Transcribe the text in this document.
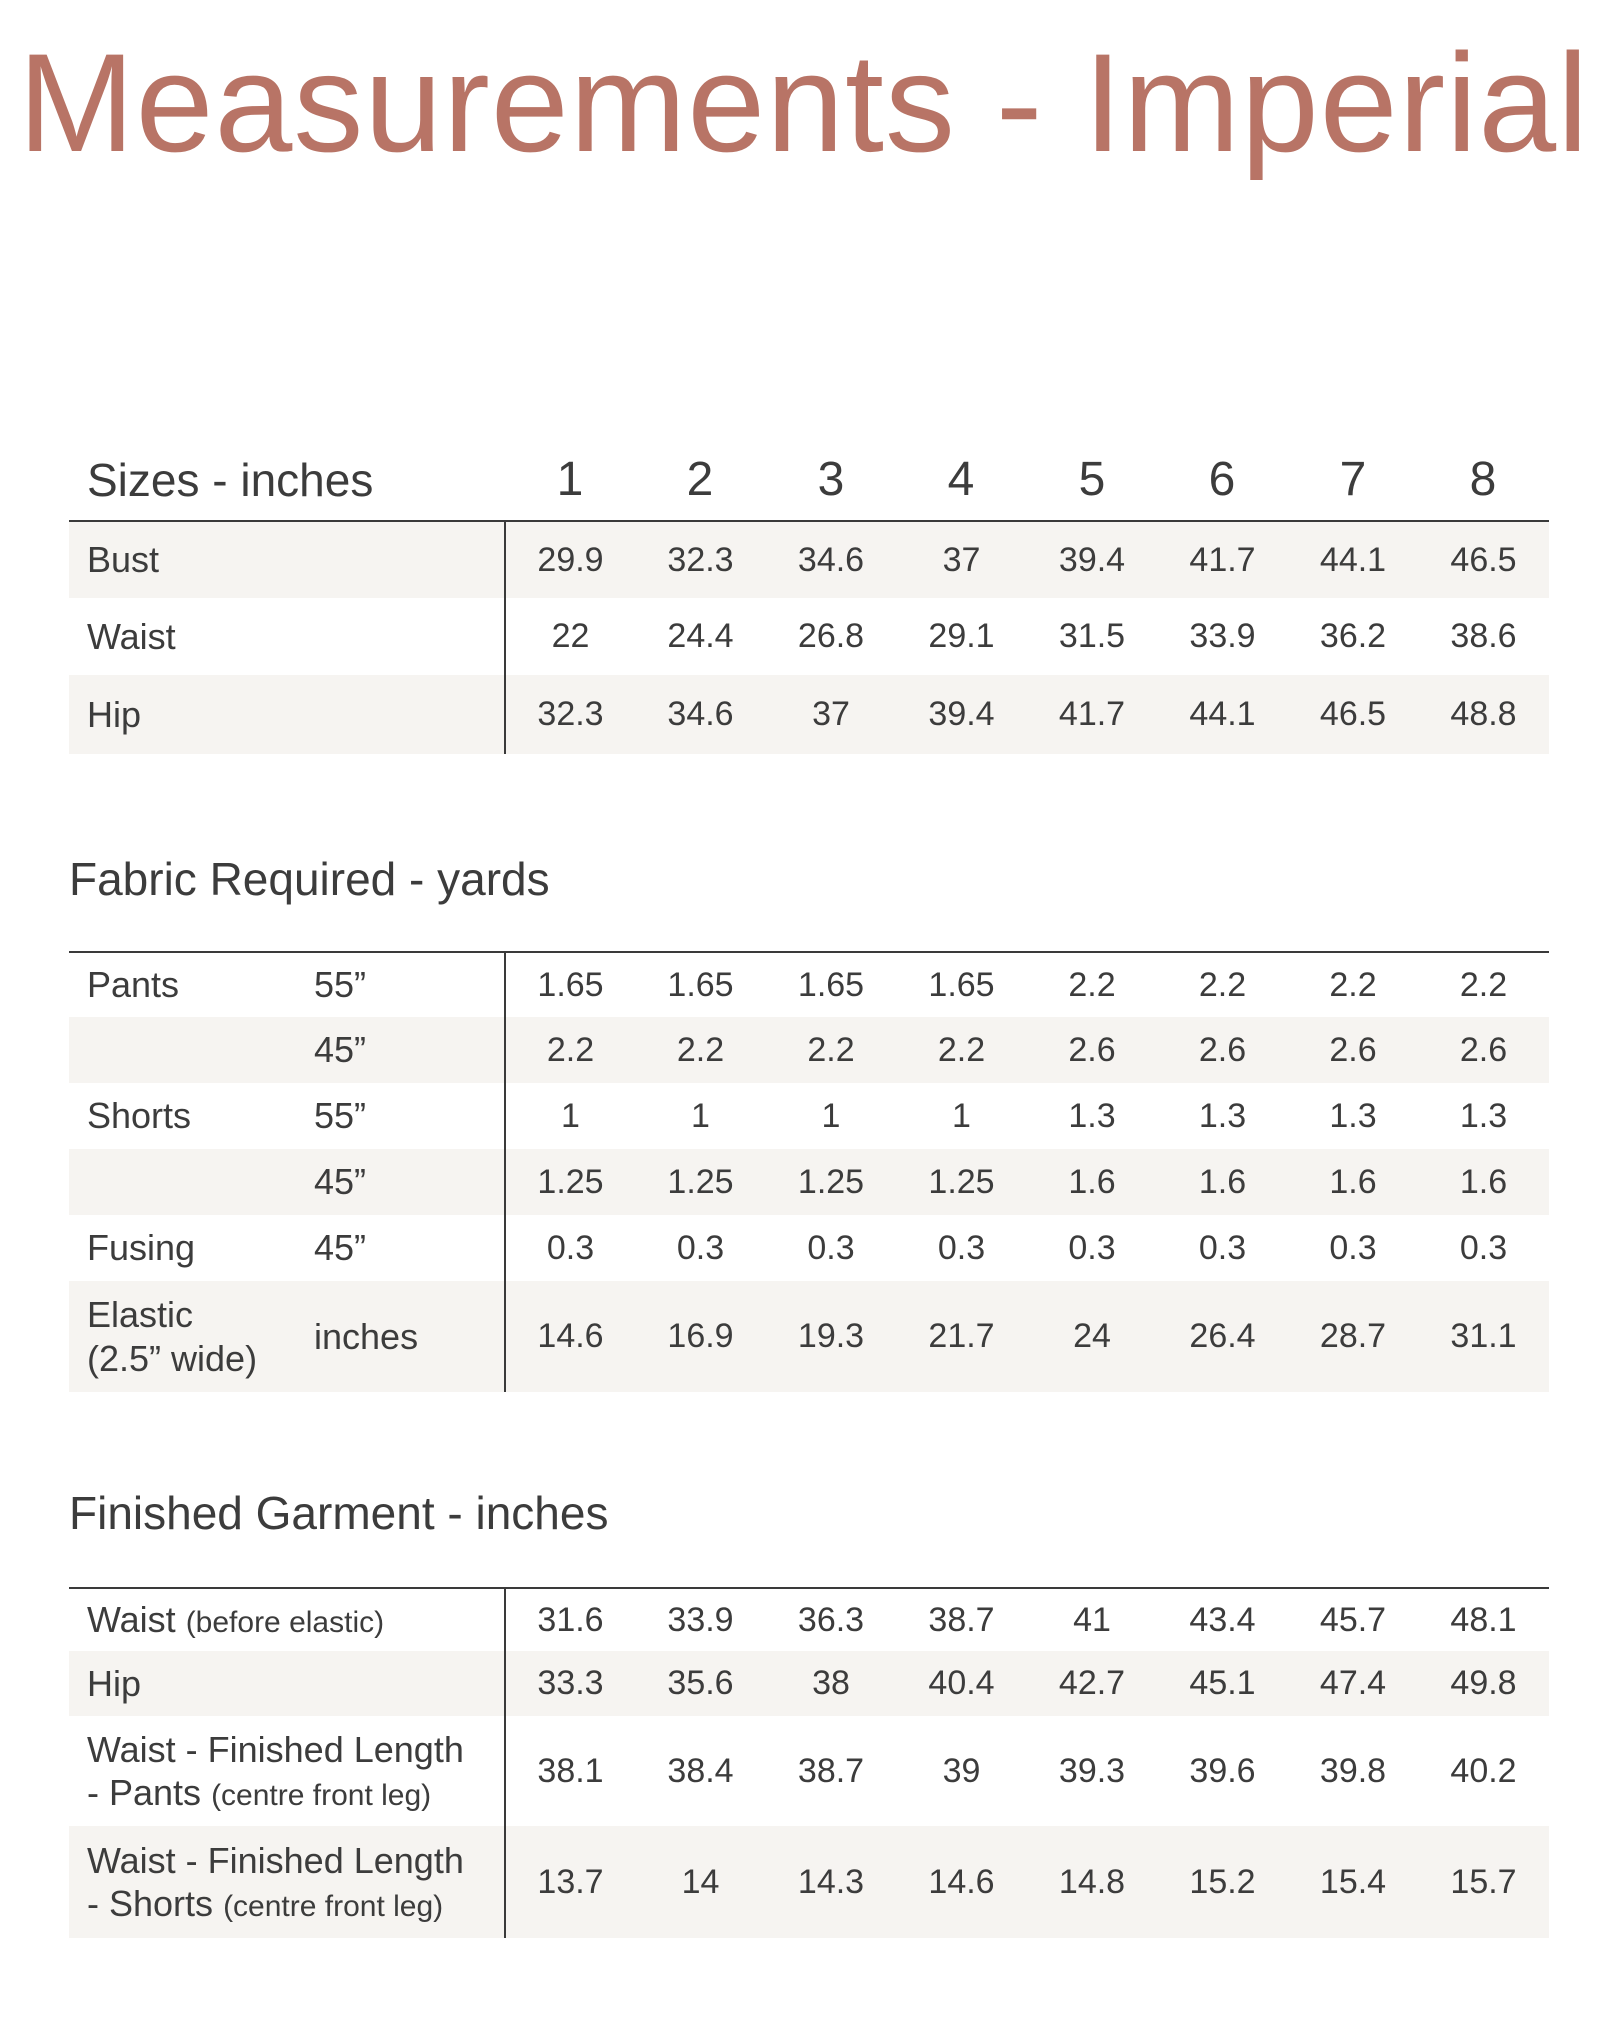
Measurements - Imperial
Sizes - inches	1	2	3	4	5	6	7	8
Bust	29.9	32.3	34.6	37	39.4	41.7	44.1	46.5
Waist	22	24.4	26.8	29.1	31.5	33.9	36.2	38.6
Hip	32.3	34.6	37	39.4	41.7	44.1	46.5	48.8
Fabric Required - yards
Pants	55”	1.65	1.65	1.65	1.65	2.2	2.2	2.2	2.2
	45”	2.2	2.2	2.2	2.2	2.6	2.6	2.6	2.6
Shorts	55”	1	1	1	1	1.3	1.3	1.3	1.3
	45”	1.25	1.25	1.25	1.25	1.6	1.6	1.6	1.6
Fusing	45”	0.3	0.3	0.3	0.3	0.3	0.3	0.3	0.3
Elastic
(2.5” wide)	inches	14.6	16.9	19.3	21.7	24	26.4	28.7	31.1
Finished Garment - inches
Waist (before elastic)	31.6	33.9	36.3	38.7	41	43.4	45.7	48.1
Hip	33.3	35.6	38	40.4	42.7	45.1	47.4	49.8
Waist - Finished Length
- Pants (centre front leg)	38.1	38.4	38.7	39	39.3	39.6	39.8	40.2
Waist - Finished Length
- Shorts (centre front leg)	13.7	14	14.3	14.6	14.8	15.2	15.4	15.7
